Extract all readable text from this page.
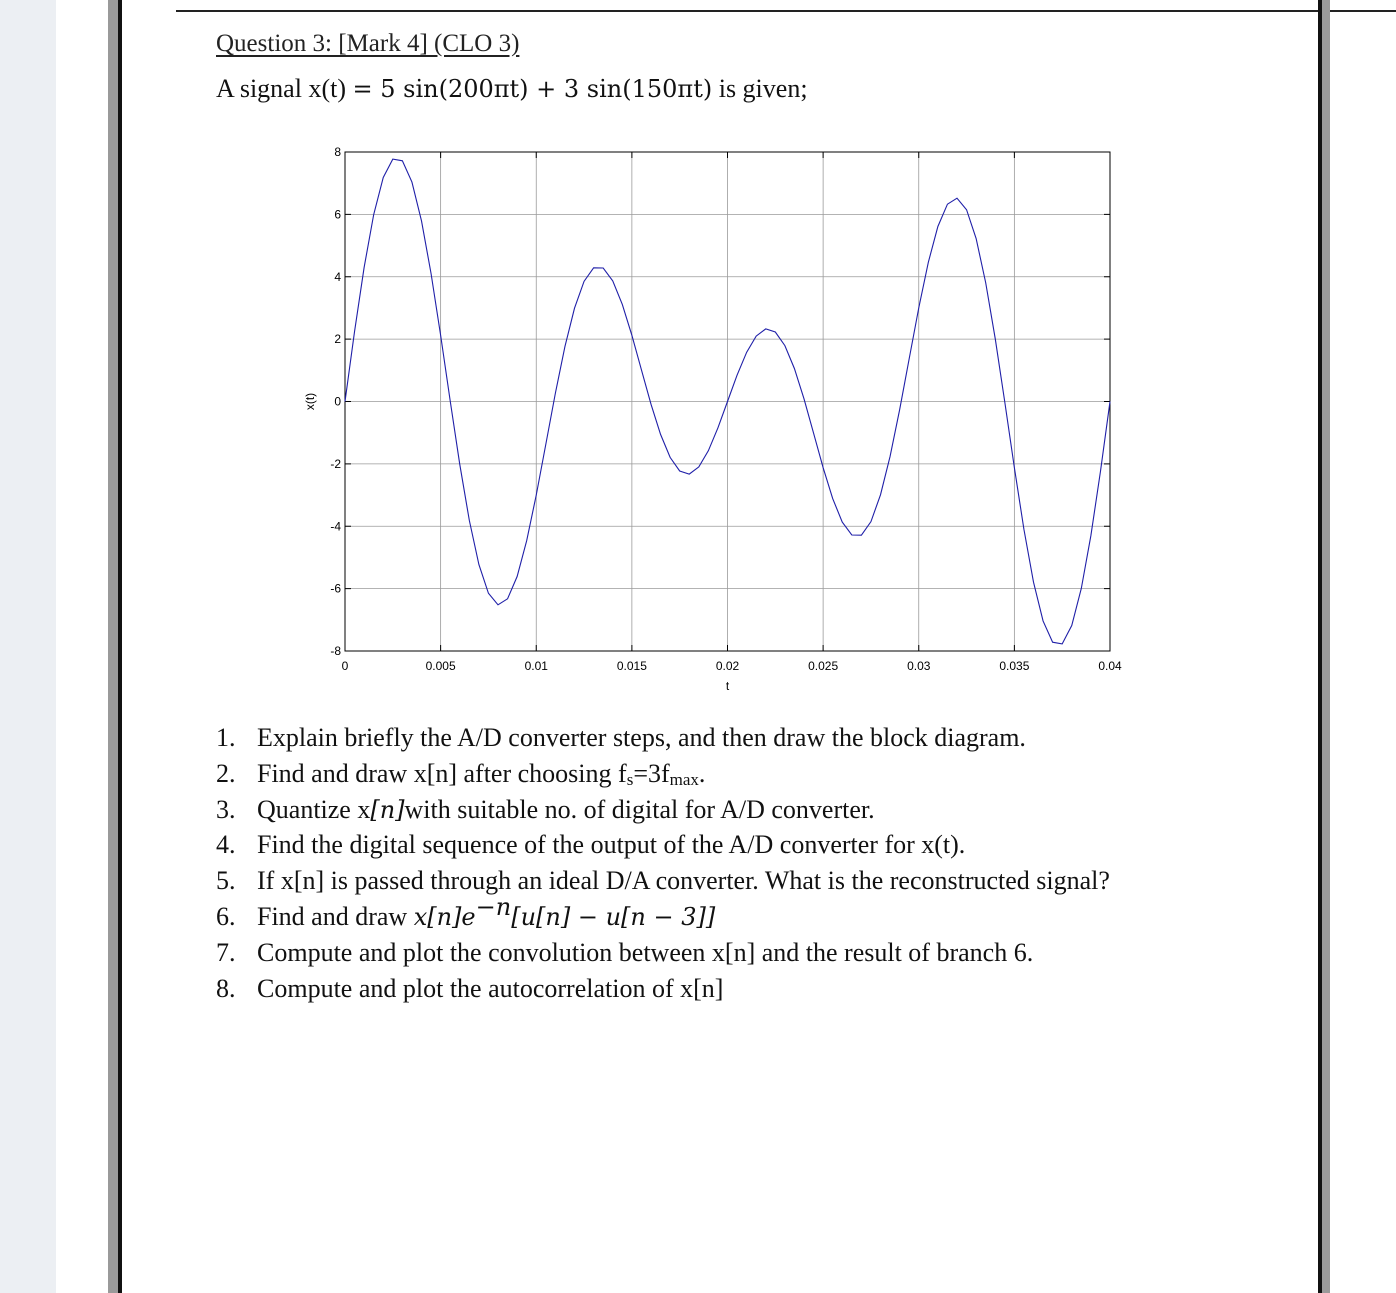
Question 3: [Mark 4] (CLO 3)
A signal x(t) = 5 sin(200πt) + 3 sin(150πt) is given;
0	0.005	0.01	0.015	0.02	0.025	0.03	0.035	0.04
8
6
4
2
0
-2
-4
-6
-8
t
x(t)
1. Explain briefly the A/D converter steps, and then draw the block diagram.
2. Find and draw x[n] after choosing $f_s=3f_{max}$.
3. Quantize x[n]with suitable no. of digital for A/D converter.
4. Find the digital sequence of the output of the A/D converter for x(t).
5. If x[n] is passed through an ideal D/A converter. What is the reconstructed signal?
6. Find and draw $x[n]e^{-n}[u[n] - u[n - 3]]$
7. Compute and plot the convolution between x[n] and the result of branch 6.
8. Compute and plot the autocorrelation of x[n]
